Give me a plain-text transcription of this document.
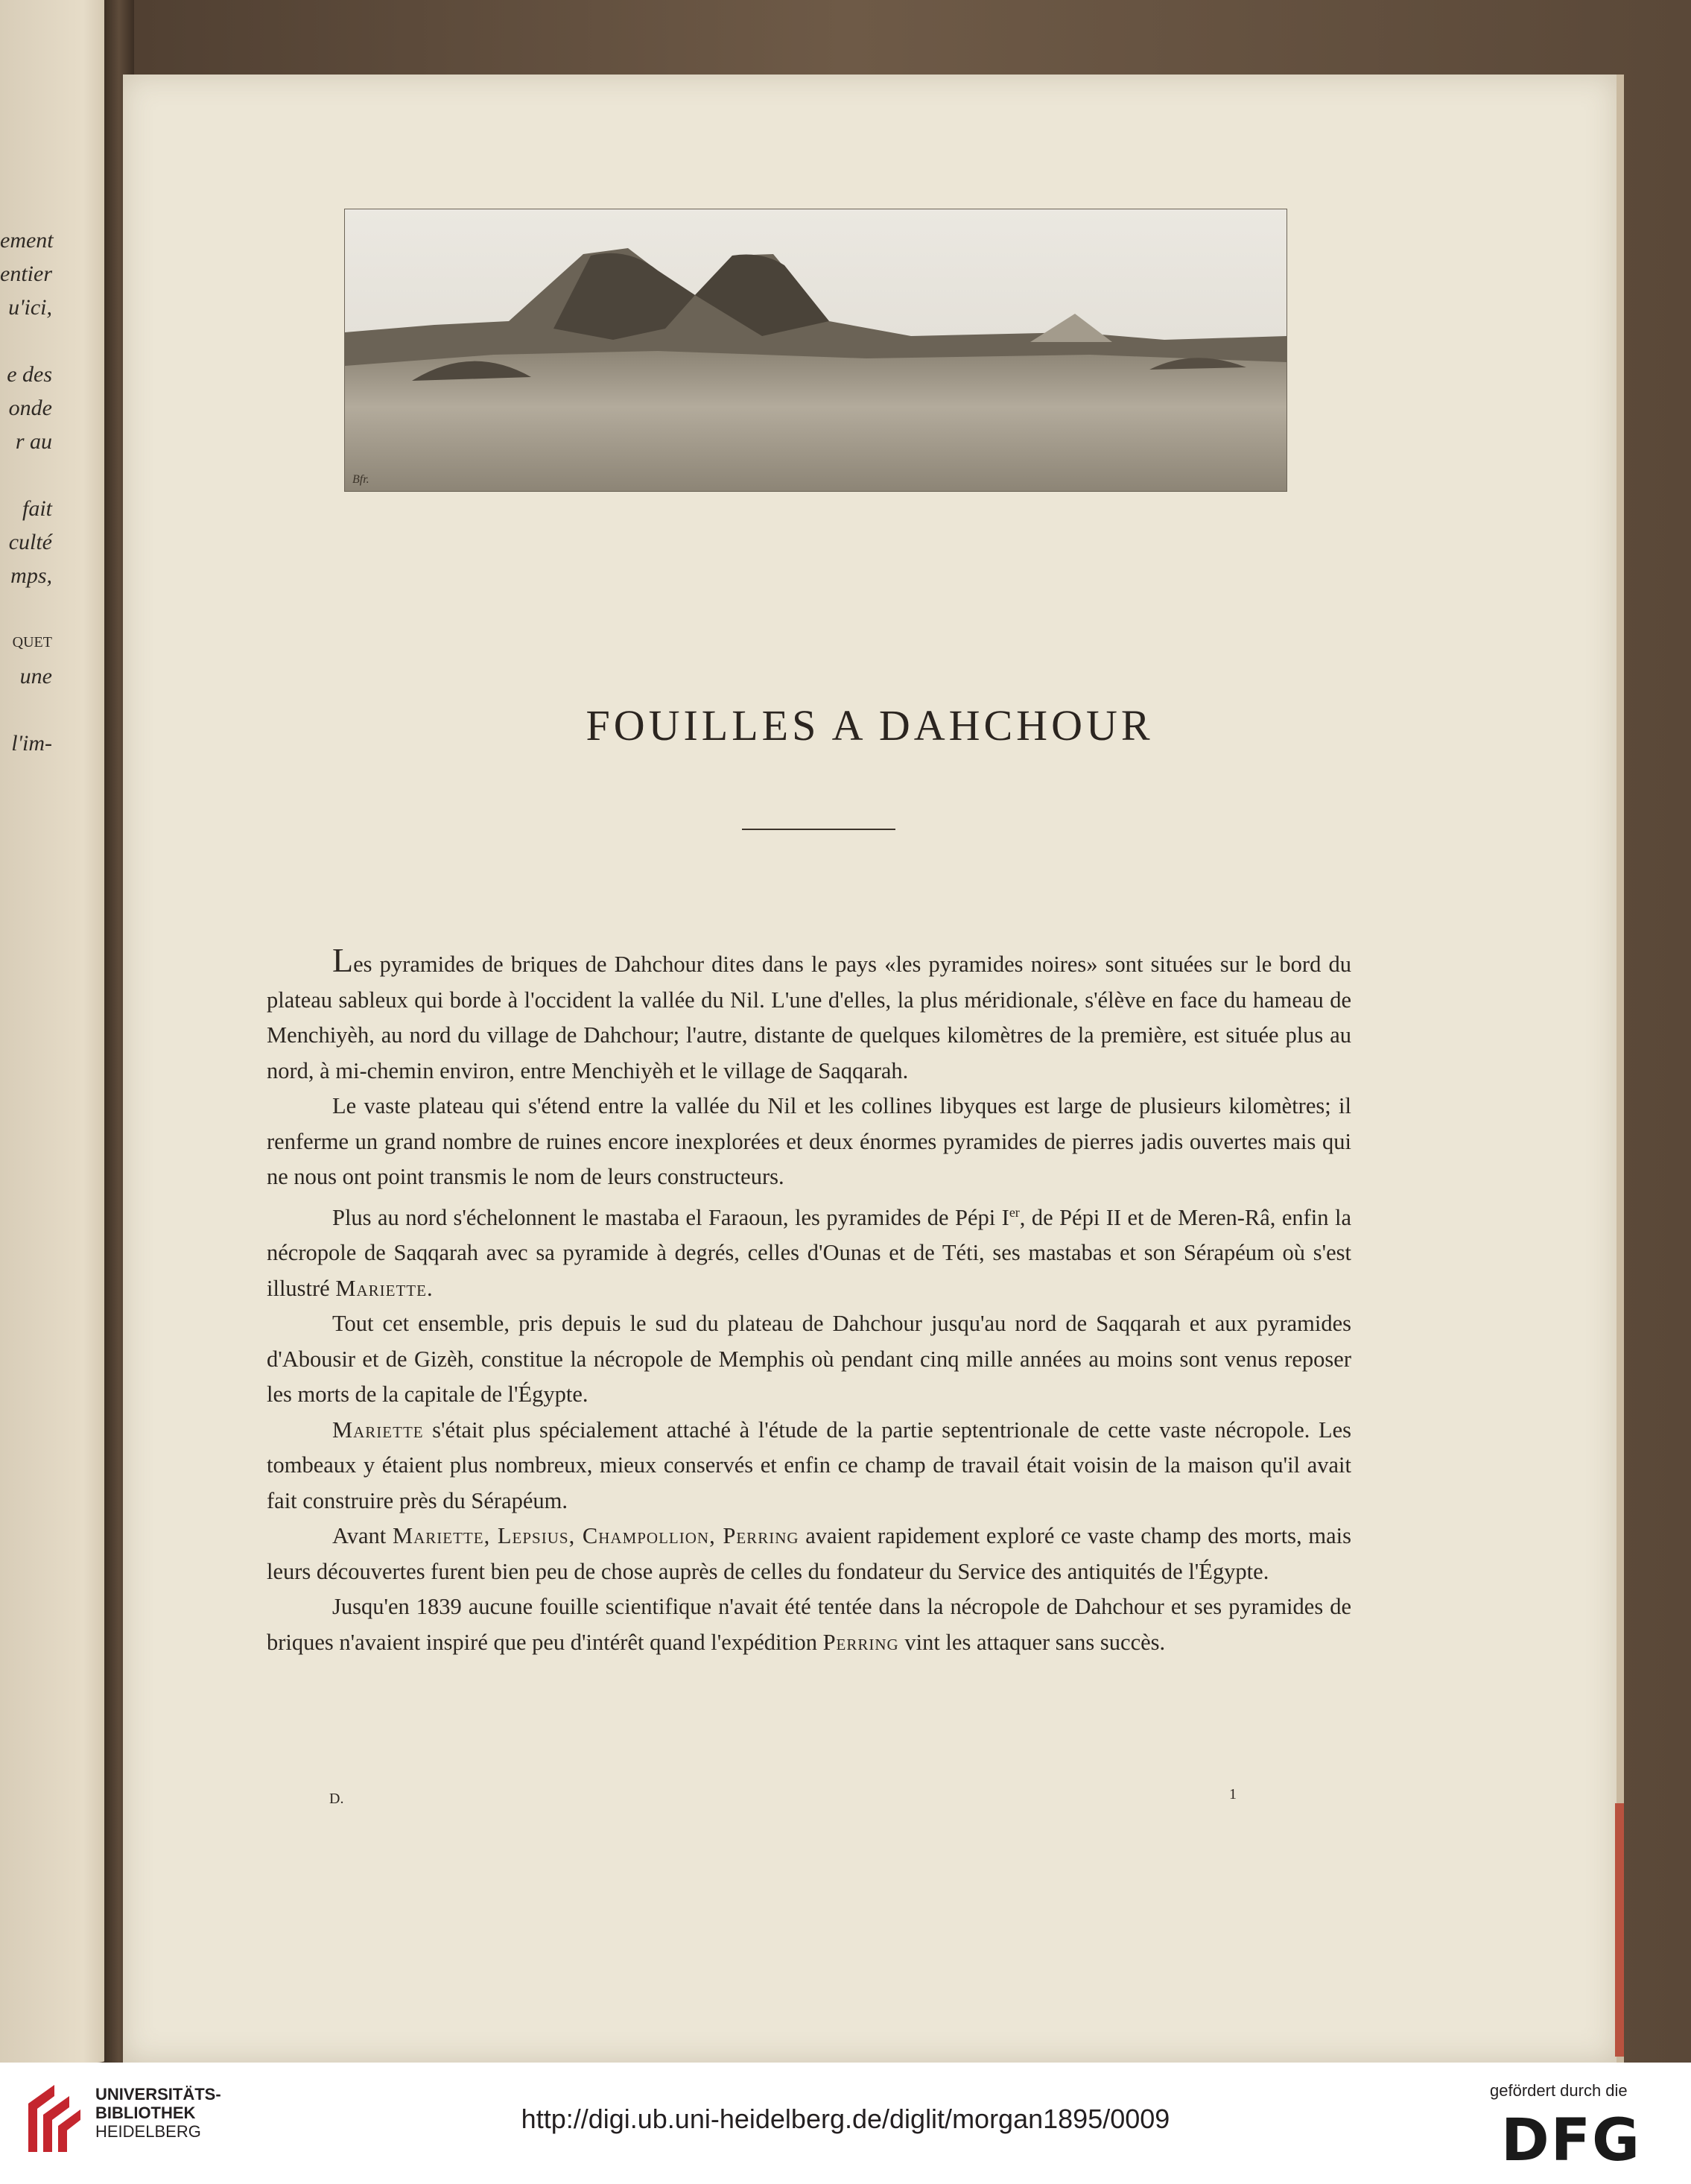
ement
entier
u'ici,
e des
onde
r au
fait
culté
mps,
QUET
une
l'im-
Bfr.
FOUILLES A DAHCHOUR

Les pyramides de briques de Dahchour dites dans le pays «les pyramides noires» sont situées sur le bord du plateau sableux qui borde à l'occident la vallée du Nil. L'une d'elles, la plus méridionale, s'élève en face du hameau de Menchiyèh, au nord du village de Dahchour; l'autre, distante de quelques kilomètres de la première, est située plus au nord, à mi-chemin environ, entre Menchiyèh et le village de Saqqarah.

Le vaste plateau qui s'étend entre la vallée du Nil et les collines libyques est large de plusieurs kilomètres; il renferme un grand nombre de ruines encore inexplorées et deux énormes pyramides de pierres jadis ouvertes mais qui ne nous ont point transmis le nom de leurs constructeurs.

Plus au nord s'échelonnent le mastaba el Faraoun, les pyramides de Pépi Ier, de Pépi II et de Meren-Râ, enfin la nécropole de Saqqarah avec sa pyramide à degrés, celles d'Ounas et de Téti, ses mastabas et son Sérapéum où s'est illustré Mariette.

Tout cet ensemble, pris depuis le sud du plateau de Dahchour jusqu'au nord de Saqqarah et aux pyramides d'Abousir et de Gizèh, constitue la nécropole de Memphis où pendant cinq mille années au moins sont venus reposer les morts de la capitale de l'Égypte.

Mariette s'était plus spécialement attaché à l'étude de la partie septentrionale de cette vaste nécropole. Les tombeaux y étaient plus nombreux, mieux conservés et enfin ce champ de travail était voisin de la maison qu'il avait fait construire près du Sérapéum.

Avant Mariette, Lepsius, Champollion, Perring avaient rapidement exploré ce vaste champ des morts, mais leurs découvertes furent bien peu de chose auprès de celles du fondateur du Service des antiquités de l'Égypte.

Jusqu'en 1839 aucune fouille scientifique n'avait été tentée dans la nécropole de Dahchour et ses pyramides de briques n'avaient inspiré que peu d'intérêt quand l'expédition Perring vint les attaquer sans succès.

D.	1
UNIVERSITÄTS-
BIBLIOTHEK
HEIDELBERG	http://digi.ub.uni-heidelberg.de/diglit/morgan1895/0009
gefördert durch die
DFG
